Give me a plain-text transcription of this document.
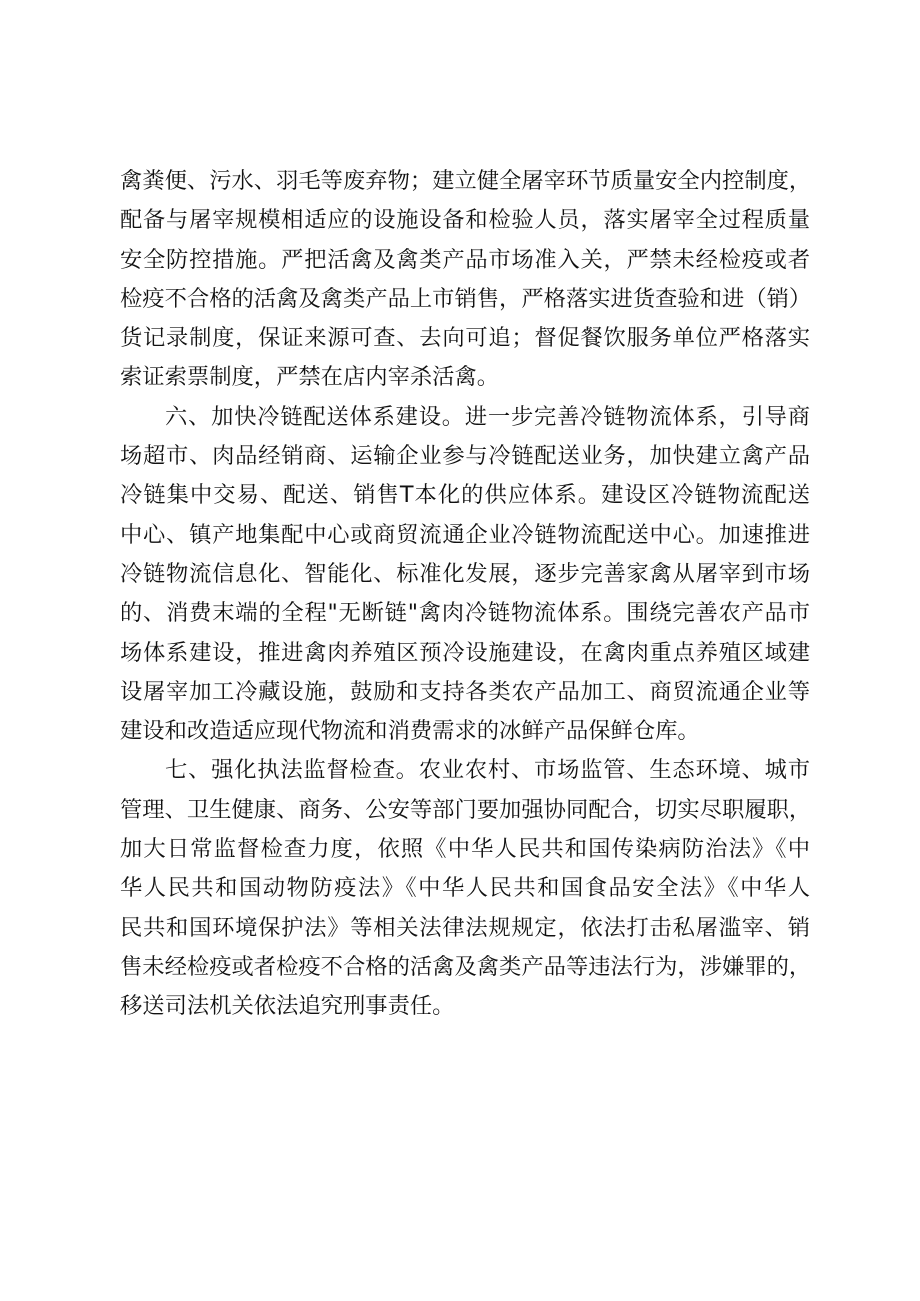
禽粪便、污水、羽毛等废弃物；建立健全屠宰环节质量安全内控制度，
配备与屠宰规模相适应的设施设备和检验人员，落实屠宰全过程质量
安全防控措施。严把活禽及禽类产品市场准入关，严禁未经检疫或者
检疫不合格的活禽及禽类产品上市销售，严格落实进货查验和进（销）
货记录制度，保证来源可查、去向可追；督促餐饮服务单位严格落实
索证索票制度，严禁在店内宰杀活禽。
六、加快冷链配送体系建设。进一步完善冷链物流体系，引导商
场超市、肉品经销商、运输企业参与冷链配送业务，加快建立禽产品
冷链集中交易、配送、销售T本化的供应体系。建设区冷链物流配送
中心、镇产地集配中心或商贸流通企业冷链物流配送中心。加速推进
冷链物流信息化、智能化、标准化发展，逐步完善家禽从屠宰到市场
的、消费末端的全程"无断链"禽肉冷链物流体系。围绕完善农产品市
场体系建设，推进禽肉养殖区预冷设施建设，在禽肉重点养殖区域建
设屠宰加工冷藏设施，鼓励和支持各类农产品加工、商贸流通企业等
建设和改造适应现代物流和消费需求的冰鲜产品保鲜仓库。
七、强化执法监督检查。农业农村、市场监管、生态环境、城市
管理、卫生健康、商务、公安等部门要加强协同配合，切实尽职履职，
加大日常监督检查力度，依照《中华人民共和国传染病防治法》《中
华人民共和国动物防疫法》《中华人民共和国食品安全法》《中华人
民共和国环境保护法》等相关法律法规规定，依法打击私屠滥宰、销
售未经检疫或者检疫不合格的活禽及禽类产品等违法行为，涉嫌罪的，
移送司法机关依法追究刑事责任。
